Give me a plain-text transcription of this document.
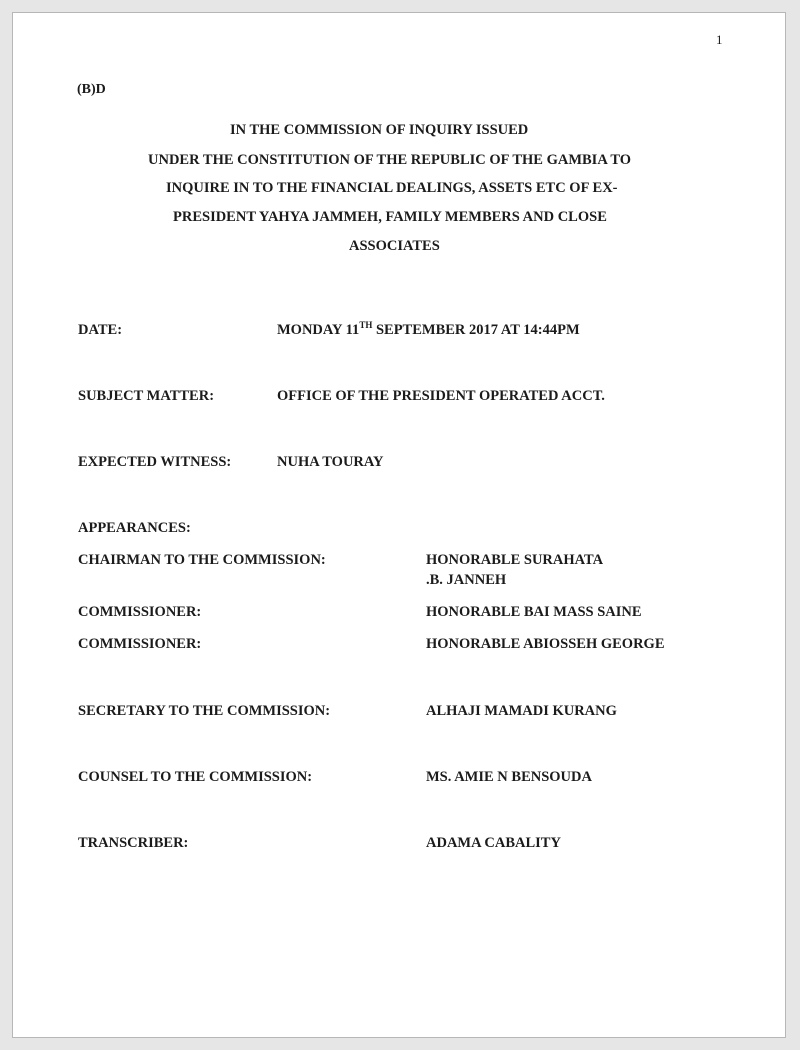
1
(B)D
IN THE COMMISSION OF INQUIRY ISSUED
UNDER THE CONSTITUTION OF THE REPUBLIC OF THE GAMBIA TO
INQUIRE IN TO THE FINANCIAL DEALINGS, ASSETS ETC OF EX-
PRESIDENT YAHYA JAMMEH, FAMILY MEMBERS AND CLOSE
ASSOCIATES
DATE:	MONDAY 11TH SEPTEMBER 2017 AT 14:44PM
SUBJECT MATTER:	OFFICE OF THE PRESIDENT OPERATED ACCT.
EXPECTED WITNESS:	NUHA TOURAY
APPEARANCES:
CHAIRMAN TO THE COMMISSION:	HONORABLE SURAHATA
.B. JANNEH
COMMISSIONER:	HONORABLE BAI MASS SAINE
COMMISSIONER:	HONORABLE ABIOSSEH GEORGE
SECRETARY TO THE COMMISSION:	ALHAJI MAMADI KURANG
COUNSEL TO THE COMMISSION:	MS. AMIE N BENSOUDA
TRANSCRIBER:	ADAMA CABALITY
